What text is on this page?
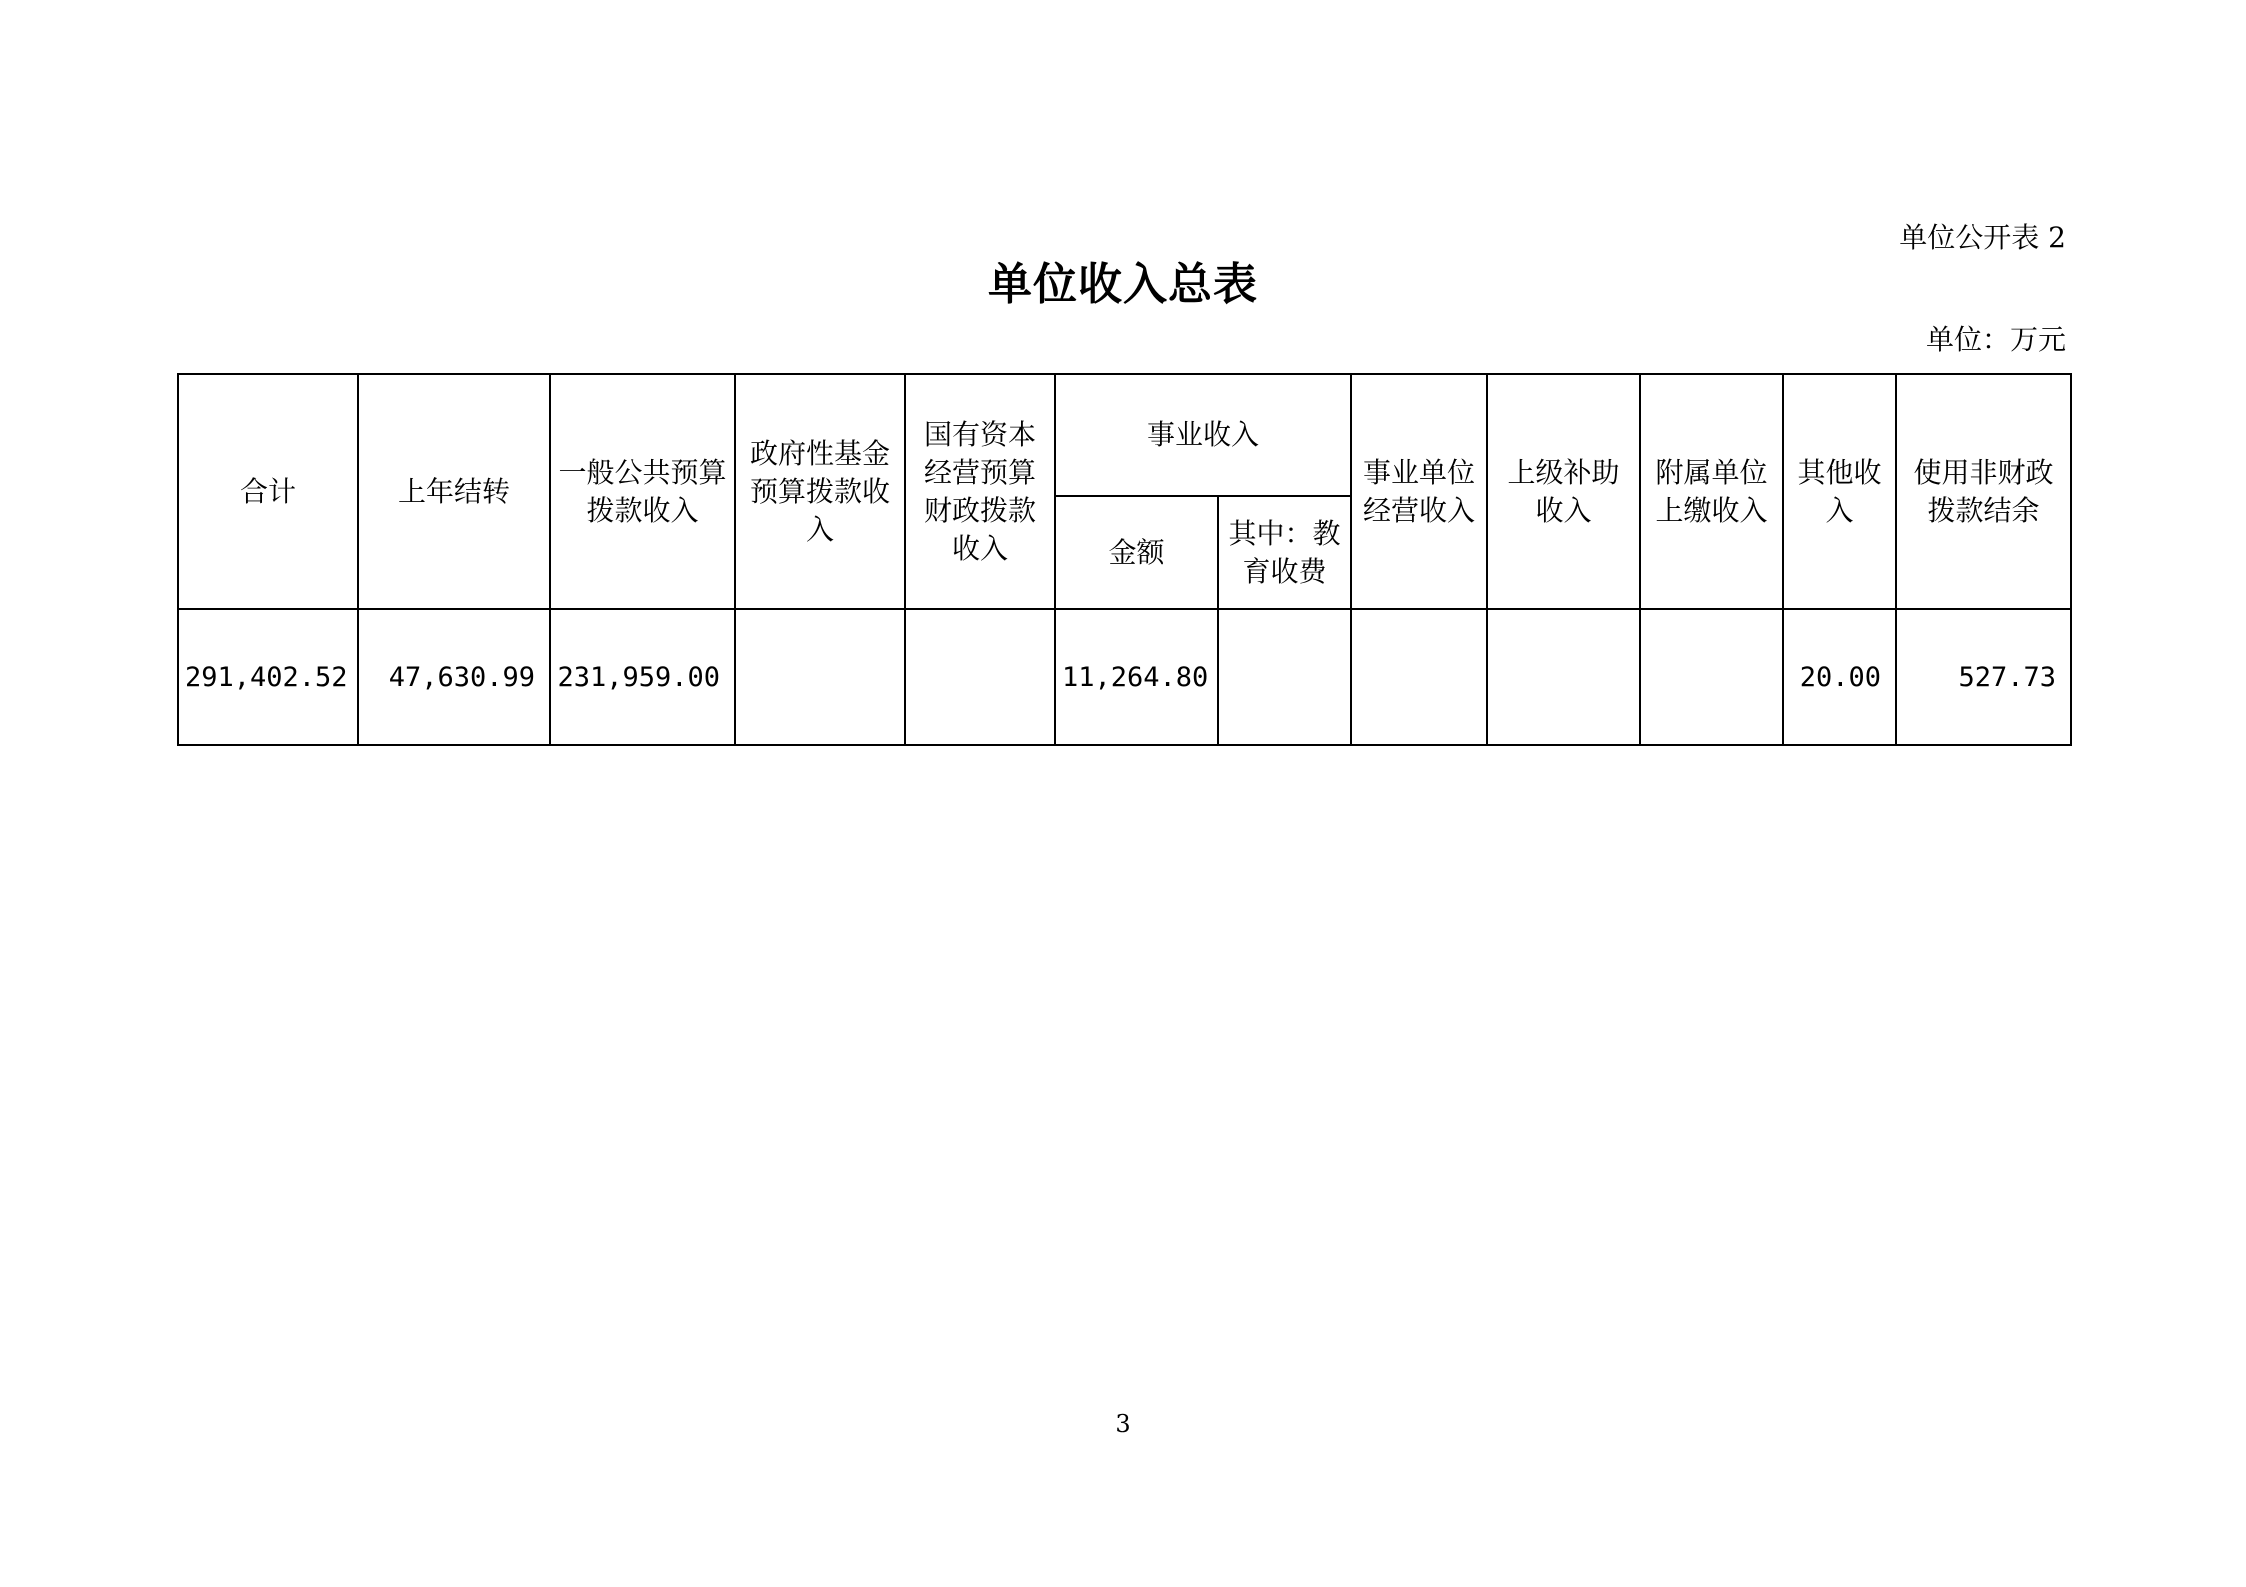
单位公开表 2
单位收入总表
单位：万元
合计	上年结转	一般公共预算拨款收入	政府性基金预算拨款收入	国有资本经营预算财政拨款收入	事业收入		事业单位经营收入	上级补助收入	附属单位上缴收入	其他收入	使用非财政拨款结余
					金额	其中：教育收费					
291,402.52	47,630.99	231,959.00			11,264.80					20.00	527.73
3
